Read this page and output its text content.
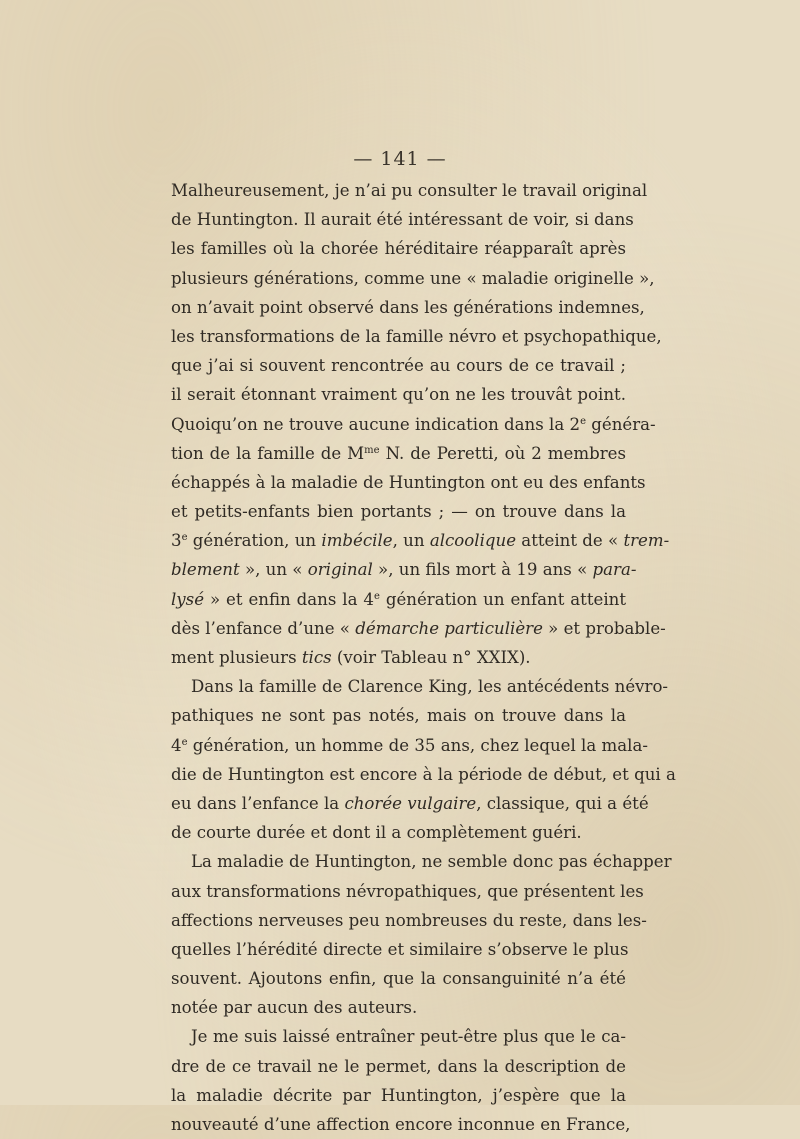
— 141 —
Malheureusement, je n’ai pu consulter le travail original
de Huntington. Il aurait été intéressant de voir, si dans
les familles où la chorée héréditaire réapparaît après
plusieurs générations, comme une « maladie originelle »,
on n’avait point observé dans les générations indemnes,
les transformations de la famille névro et psychopathique,
que j’ai si souvent rencontrée au cours de ce travail ;
il serait étonnant vraiment qu’on ne les trouvât point.
Quoiqu’on ne trouve aucune indication dans la 2e généra-
tion de la famille de $M^{me}$ N. de Peretti, où 2 membres
échappés à la maladie de Huntington ont eu des enfants
et petits-enfants bien portants ; — on trouve dans la
3e génération, un imbécile, un alcoolique atteint de « trem-
blement », un « original », un fils mort à 19 ans « para-
lysé » et enfin dans la 4e génération un enfant atteint
dès l’enfance d’une « démarche particulière » et probable-
ment plusieurs tics (voir Tableau n° XXIX).
Dans la famille de Clarence King, les antécédents névro-
pathiques ne sont pas notés, mais on trouve dans la
4e génération, un homme de 35 ans, chez lequel la mala-
die de Huntington est encore à la période de début, et qui a
eu dans l’enfance la chorée vulgaire, classique, qui a été
de courte durée et dont il a complètement guéri.
La maladie de Huntington, ne semble donc pas échapper
aux transformations névropathiques, que présentent les
affections nerveuses peu nombreuses du reste, dans les-
quelles l’hérédité directe et similaire s’observe le plus
souvent. Ajoutons enfin, que la consanguinité n’a été
notée par aucun des auteurs.
Je me suis laissé entraîner peut-être plus que le ca-
dre de ce travail ne le permet, dans la description de
la maladie décrite par Huntington, j’espère que la
nouveauté d’une affection encore inconnue en France,
